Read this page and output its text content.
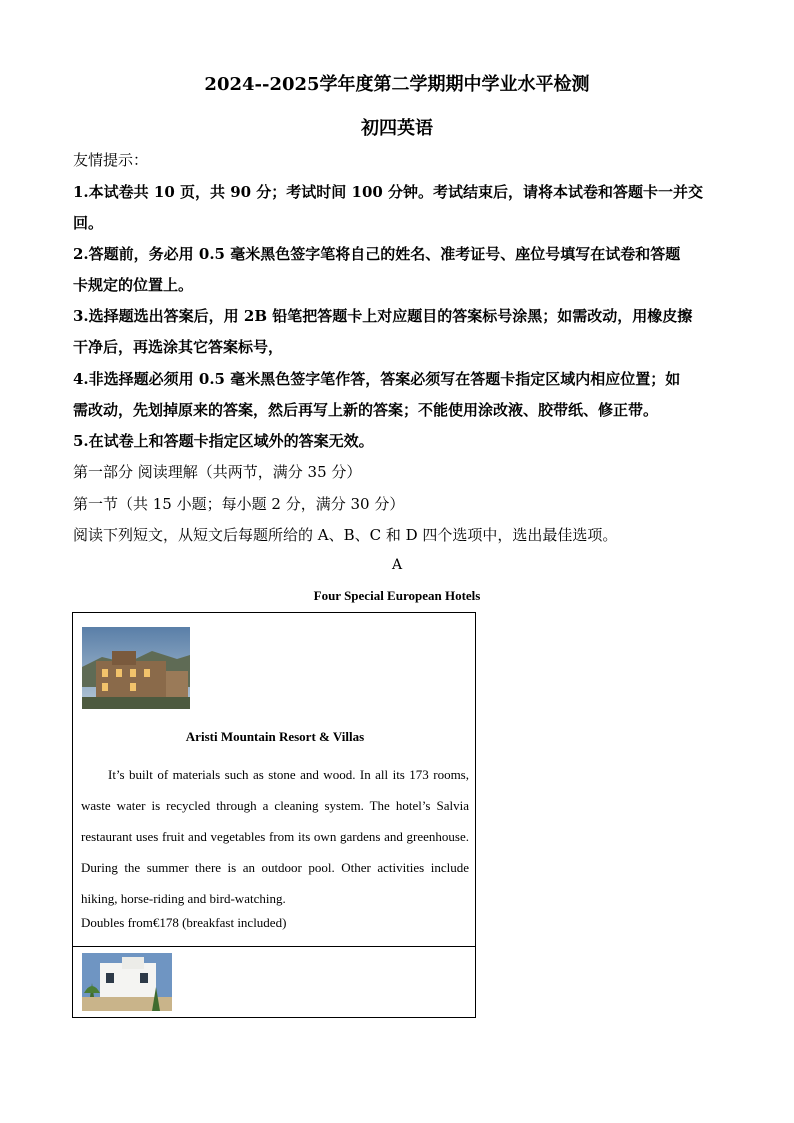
2024--2025学年度第二学期期中学业水平检测
初四英语

友情提示：

1.本试卷共 10 页，共 90 分；考试时间 100 分钟。考试结束后，请将本试卷和答题卡一并交

回。

2.答题前，务必用 0.5 毫米黑色签字笔将自己的姓名、准考证号、座位号填写在试卷和答题

卡规定的位置上。

3.选择题选出答案后，用 2B 铅笔把答题卡上对应题目的答案标号涂黑；如需改动，用橡皮擦

干净后，再选涂其它答案标号，

4.非选择题必须用 0.5 毫米黑色签字笔作答，答案必须写在答题卡指定区域内相应位置；如

需改动，先划掉原来的答案，然后再写上新的答案；不能使用涂改液、胶带纸、修正带。

5.在试卷上和答题卡指定区域外的答案无效。

第一部分 阅读理解（共两节，满分 35 分）

第一节（共 15 小题；每小题 2 分，满分 30 分）

阅读下列短文，从短文后每题所给的 A、B、C 和 D 四个选项中，选出最佳选项。

A

Four Special European Hotels

Aristi Mountain Resort & Villas

It’s built of materials such as stone and wood. In all its 173 rooms, waste water is recycled through a cleaning system. The hotel’s Salvia restaurant uses fruit and vegetables from its own gardens and greenhouse. During the summer there is an outdoor pool. Other activities include hiking, horse-riding and bird-watching.

Doubles from€178 (breakfast included)
